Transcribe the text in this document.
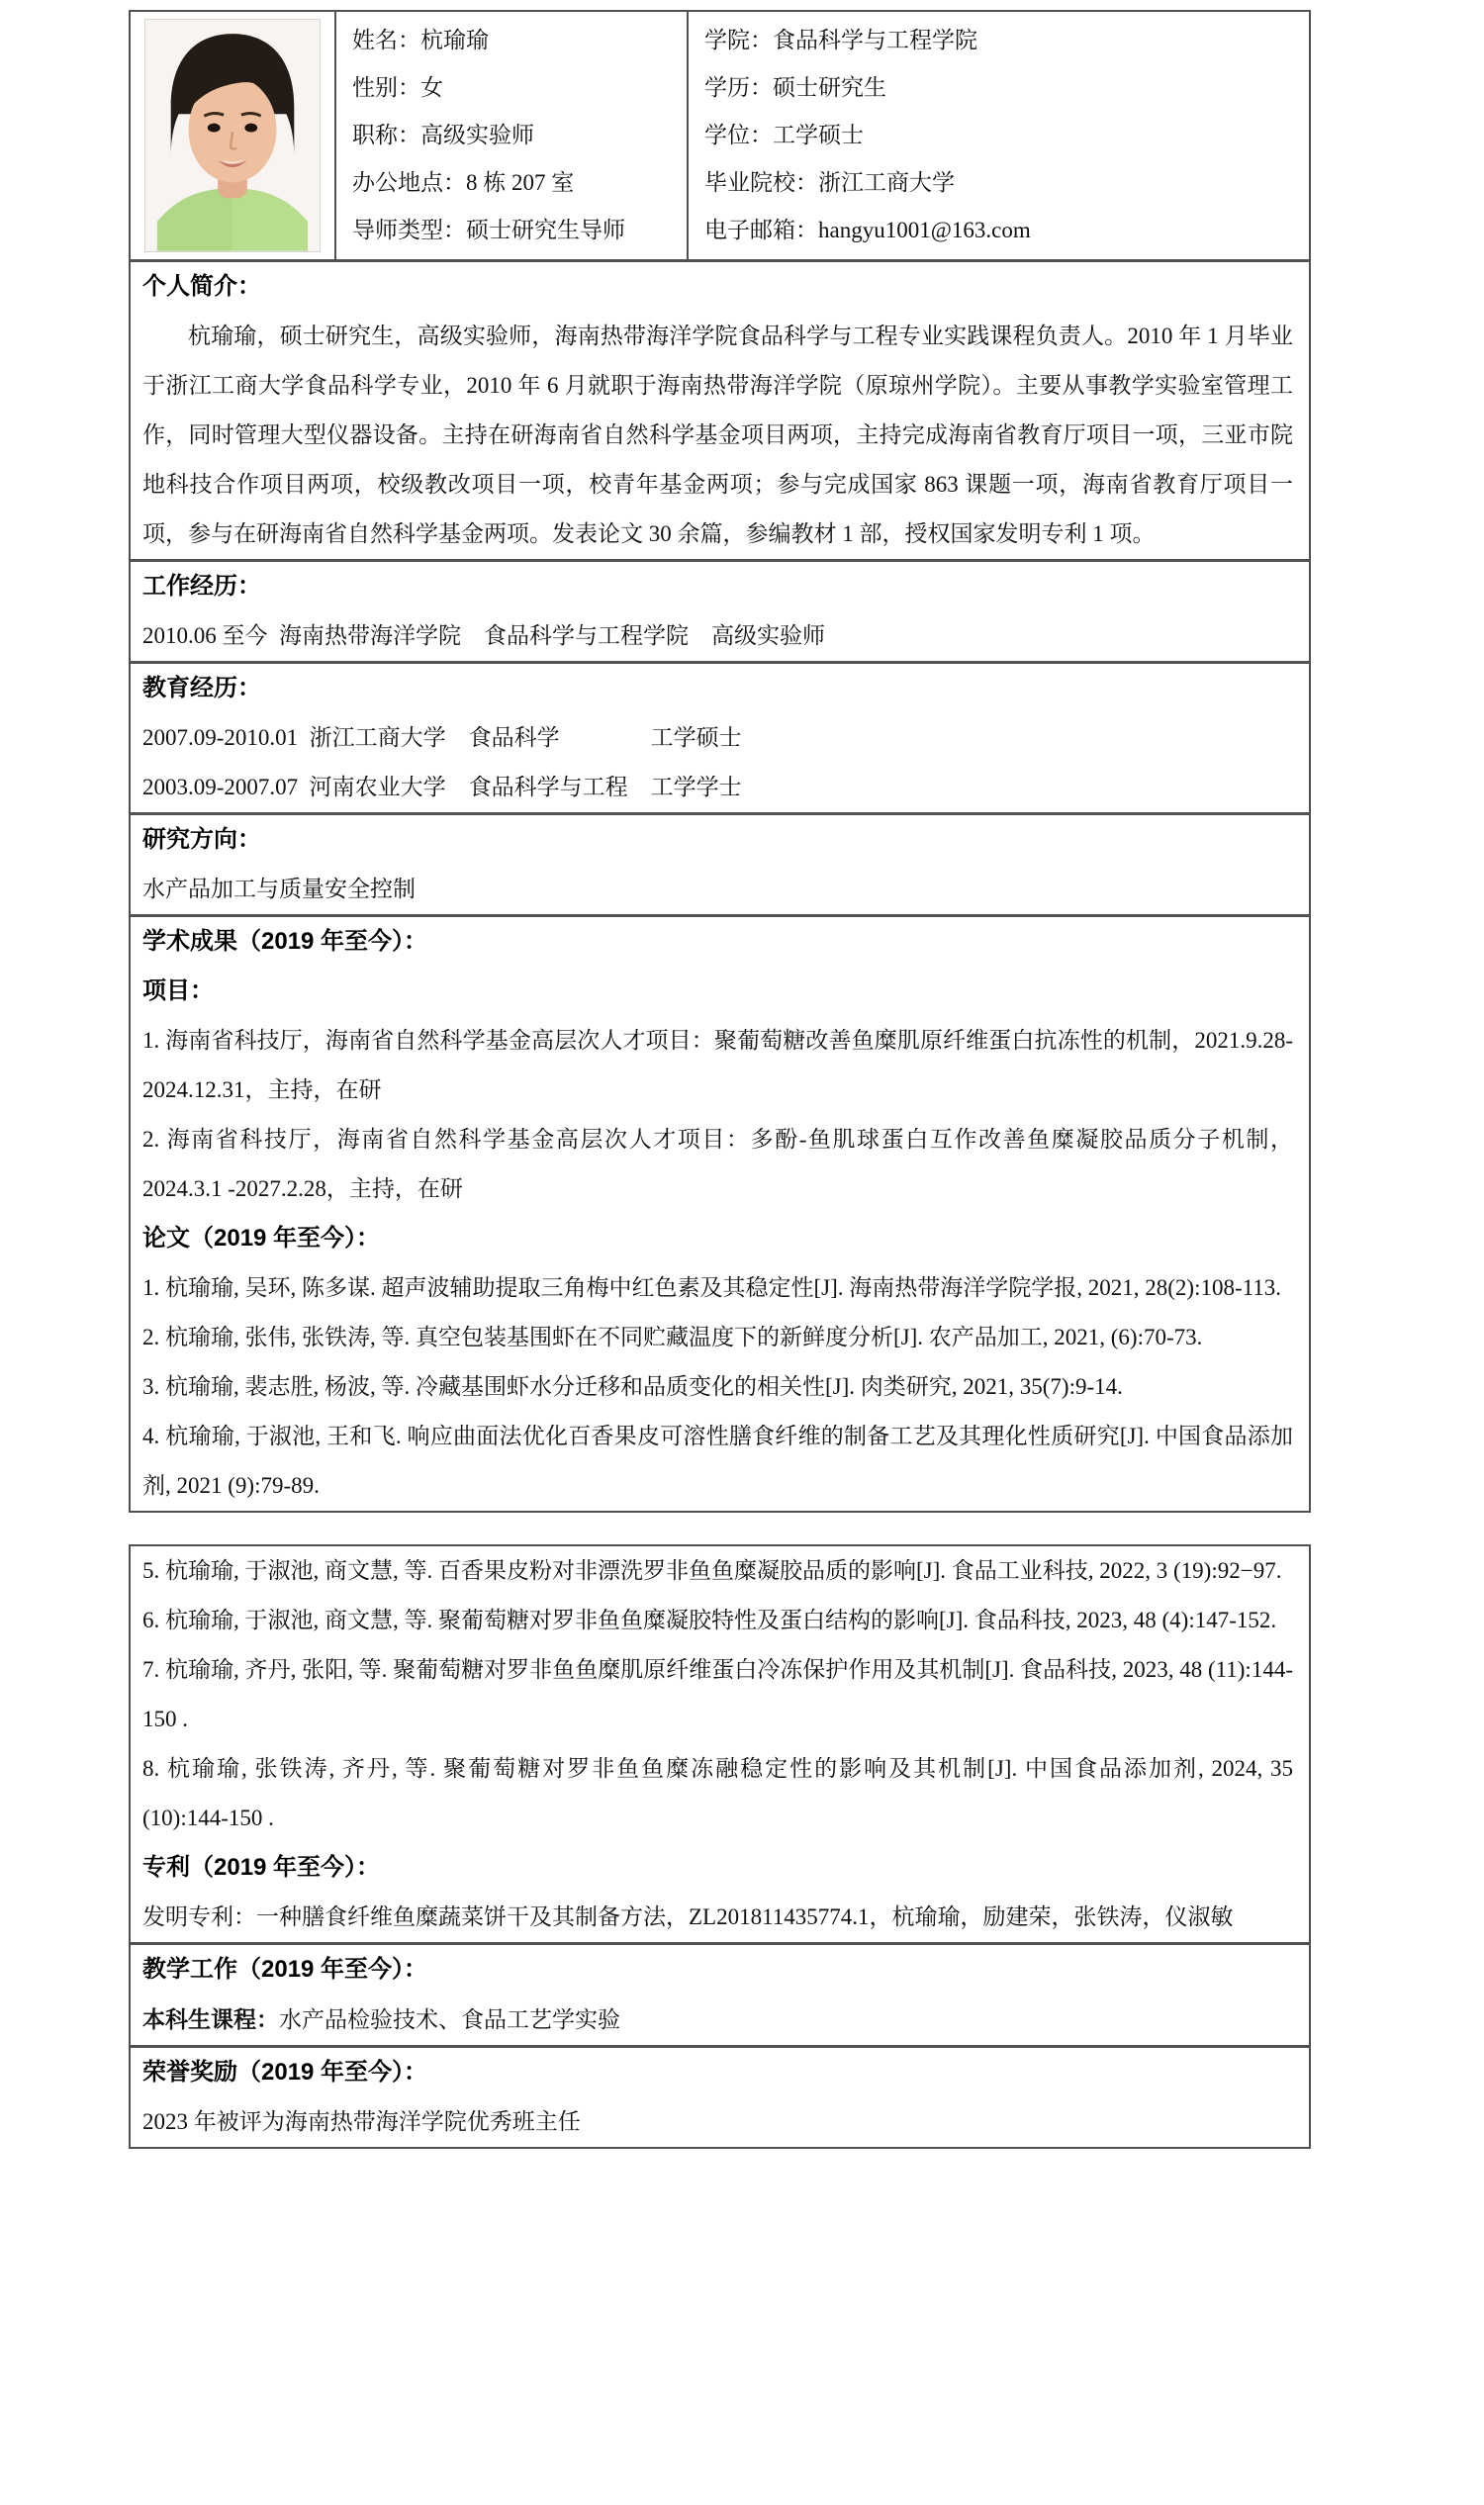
姓名：杭瑜瑜
性别：女
职称：高级实验师
办公地点：8 栋 207 室
导师类型：硕士研究生导师
学院：食品科学与工程学院
学历：硕士研究生
学位：工学硕士
毕业院校：浙江工商大学
电子邮箱：hangyu1001@163.com
个人简介：

杭瑜瑜，硕士研究生，高级实验师，海南热带海洋学院食品科学与工程专业实践课程负责人。2010 年 1 月毕业于浙江工商大学食品科学专业，2010 年 6 月就职于海南热带海洋学院（原琼州学院）。主要从事教学实验室管理工作，同时管理大型仪器设备。主持在研海南省自然科学基金项目两项，主持完成海南省教育厅项目一项，三亚市院地科技合作项目两项，校级教改项目一项，校青年基金两项；参与完成国家 863 课题一项，海南省教育厅项目一项，参与在研海南省自然科学基金两项。发表论文 30 余篇，参编教材 1 部，授权国家发明专利 1 项。

工作经历：
2010.06 至今  海南热带海洋学院    食品科学与工程学院    高级实验师
教育经历：
2007.09-2010.01  浙江工商大学    食品科学                工学硕士
2003.09-2007.07  河南农业大学    食品科学与工程    工学学士
研究方向：
水产品加工与质量安全控制
学术成果（2019 年至今）：
项目：
1. 海南省科技厅，海南省自然科学基金高层次人才项目：聚葡萄糖改善鱼糜肌原纤维蛋白抗冻性的机制，2021.9.28-2024.12.31，主持，在研
2. 海南省科技厅，海南省自然科学基金高层次人才项目：多酚-鱼肌球蛋白互作改善鱼糜凝胶品质分子机制，2024.3.1 -2027.2.28，主持，在研
论文（2019 年至今）：
1. 杭瑜瑜, 吴环, 陈多谋. 超声波辅助提取三角梅中红色素及其稳定性[J]. 海南热带海洋学院学报, 2021, 28(2):108-113.
2. 杭瑜瑜, 张伟, 张铁涛, 等. 真空包装基围虾在不同贮藏温度下的新鲜度分析[J]. 农产品加工, 2021, (6):70-73.
3. 杭瑜瑜, 裴志胜, 杨波, 等. 冷藏基围虾水分迁移和品质变化的相关性[J]. 肉类研究, 2021, 35(7):9-14.
4. 杭瑜瑜, 于淑池, 王和飞. 响应曲面法优化百香果皮可溶性膳食纤维的制备工艺及其理化性质研究[J]. 中国食品添加剂, 2021 (9):79-89.
5. 杭瑜瑜, 于淑池, 商文慧, 等. 百香果皮粉对非漂洗罗非鱼鱼糜凝胶品质的影响[J]. 食品工业科技, 2022, 3 (19):92−97.
6. 杭瑜瑜, 于淑池, 商文慧, 等. 聚葡萄糖对罗非鱼鱼糜凝胶特性及蛋白结构的影响[J]. 食品科技, 2023, 48 (4):147-152.
7. 杭瑜瑜, 齐丹, 张阳, 等. 聚葡萄糖对罗非鱼鱼糜肌原纤维蛋白冷冻保护作用及其机制[J]. 食品科技, 2023, 48 (11):144-150 .
8. 杭瑜瑜, 张铁涛, 齐丹, 等. 聚葡萄糖对罗非鱼鱼糜冻融稳定性的影响及其机制[J]. 中国食品添加剂, 2024, 35 (10):144-150 .
专利（2019 年至今）：
发明专利：一种膳食纤维鱼糜蔬菜饼干及其制备方法，ZL201811435774.1，杭瑜瑜，励建荣，张铁涛，仪淑敏
教学工作（2019 年至今）：
本科生课程：水产品检验技术、食品工艺学实验
荣誉奖励（2019 年至今）：
2023 年被评为海南热带海洋学院优秀班主任
